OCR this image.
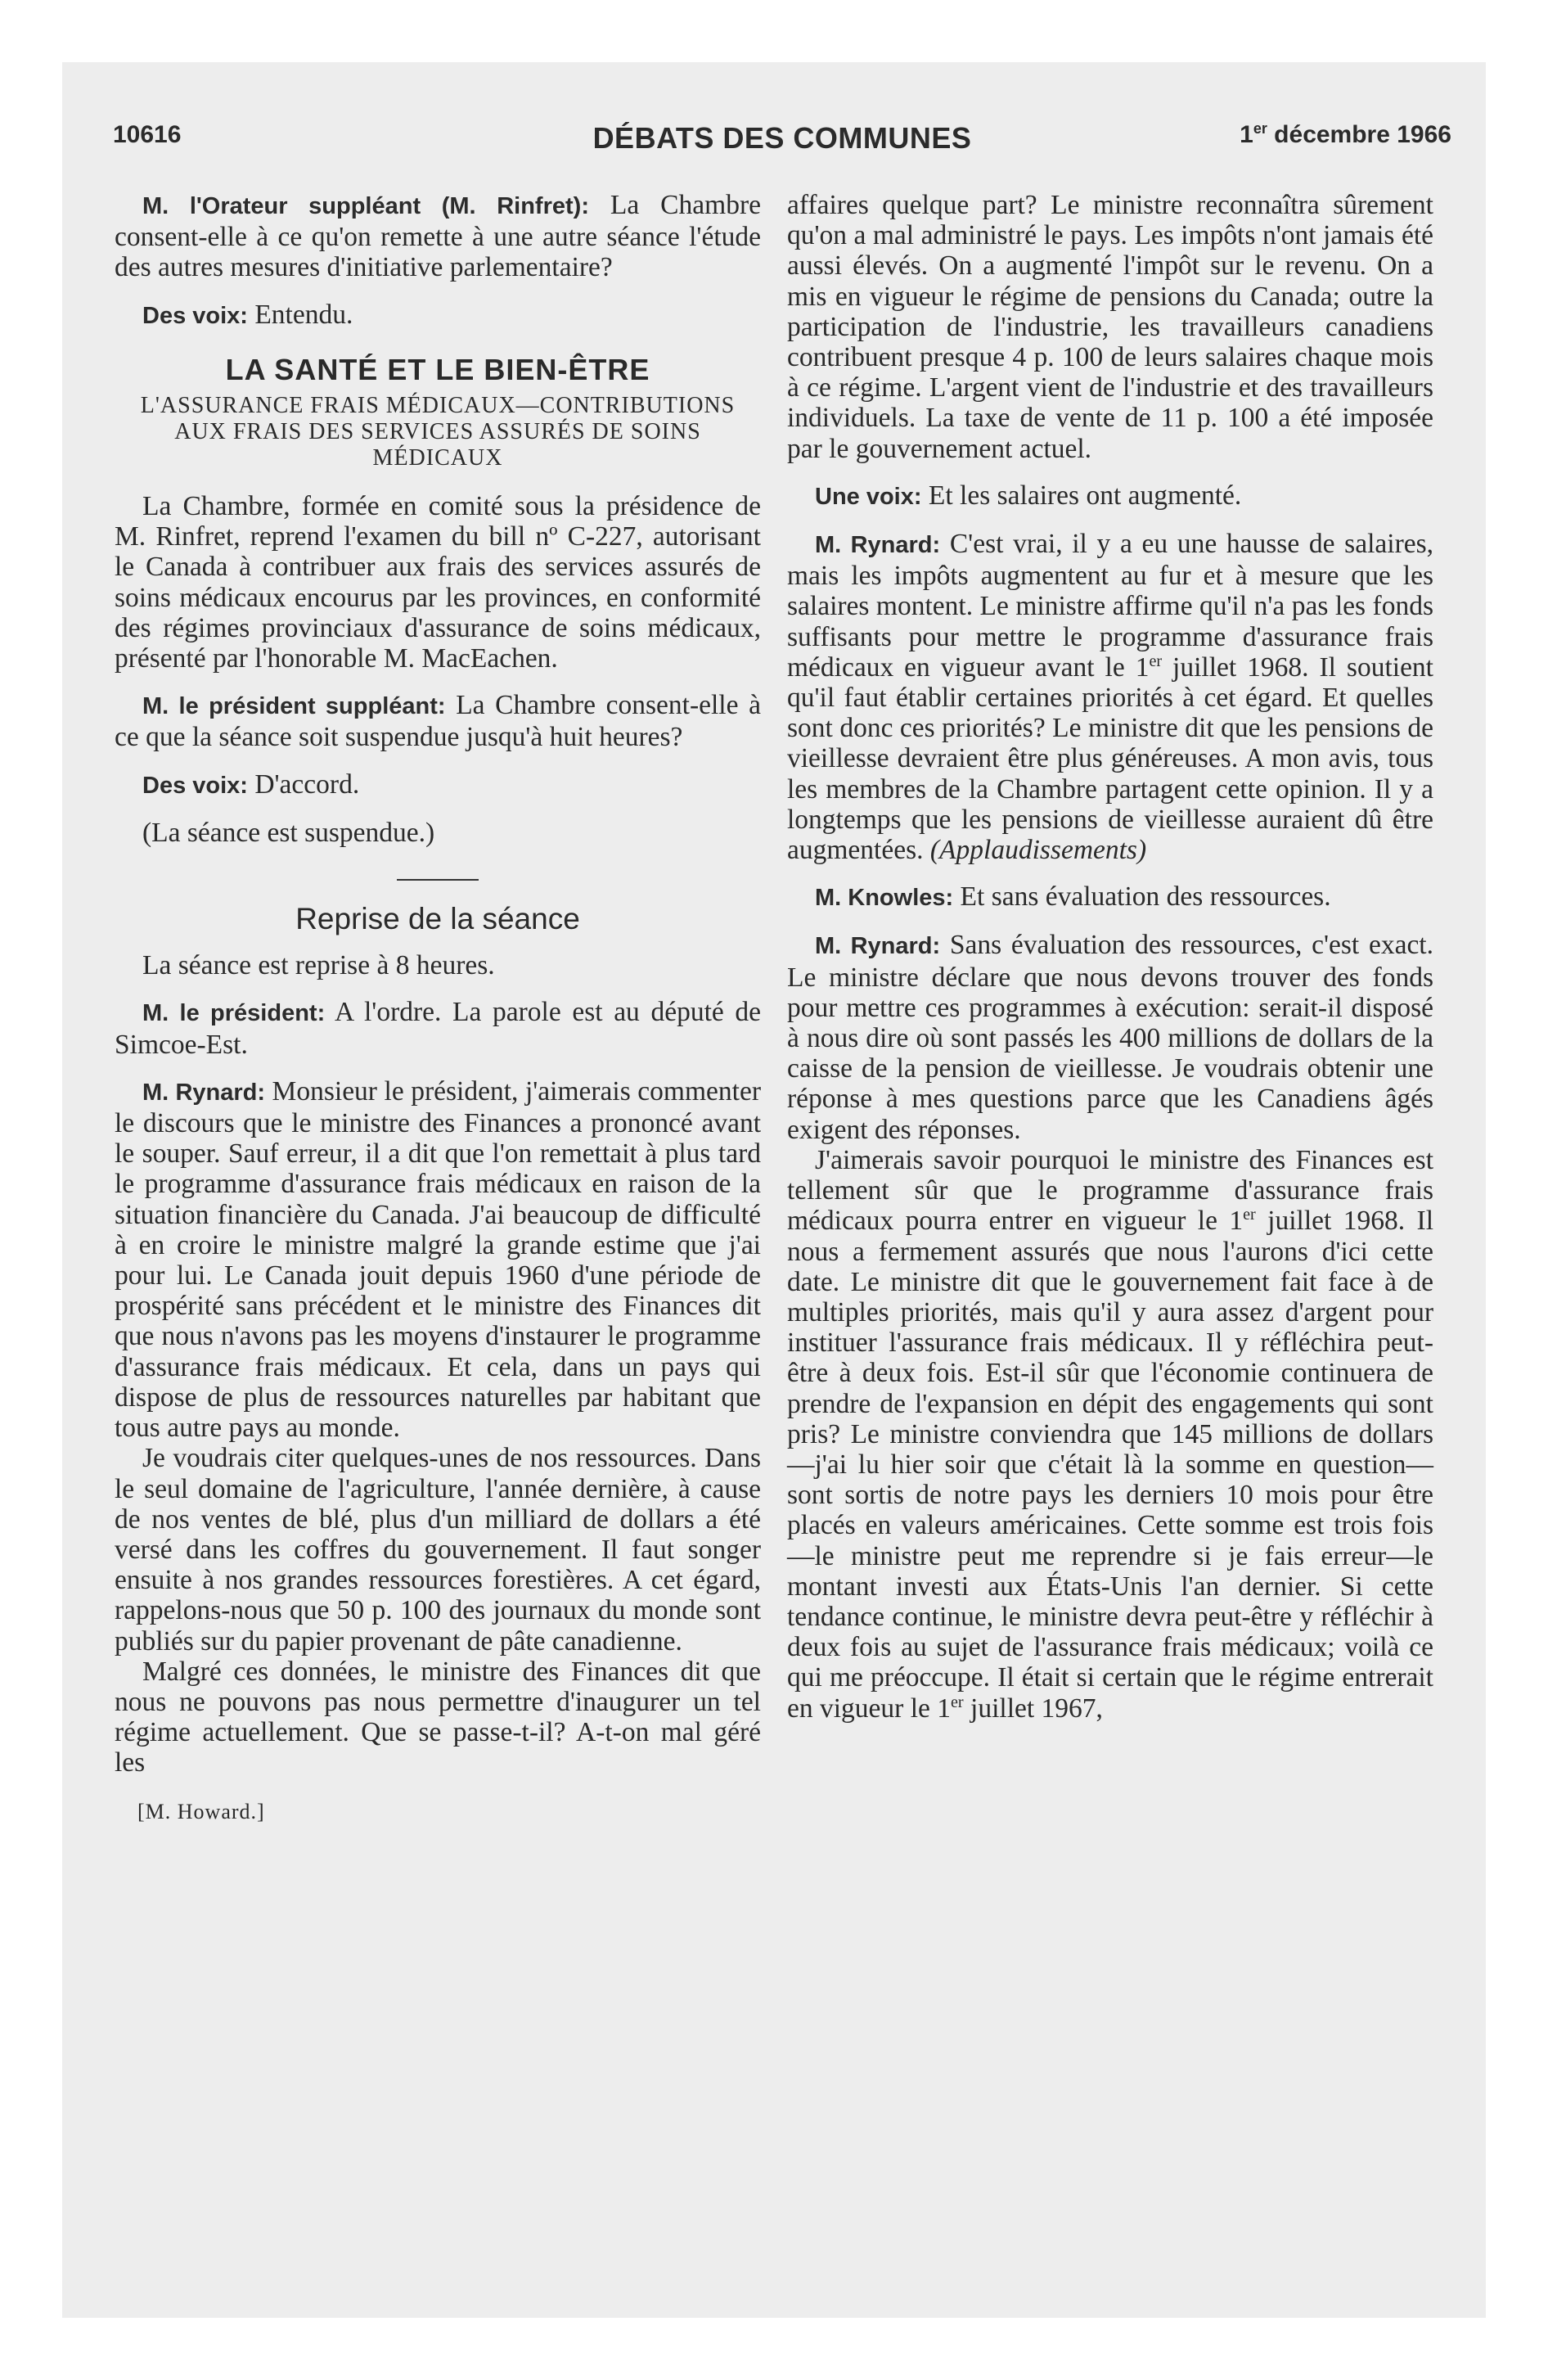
10616	DÉBATS DES COMMUNES	1er décembre 1966

M. l'Orateur suppléant (M. Rinfret): La Chambre consent-elle à ce qu'on remette à une autre séance l'étude des autres mesures d'initiative parlementaire?

Des voix: Entendu.

LA SANTÉ ET LE BIEN-ÊTRE
L'ASSURANCE FRAIS MÉDICAUX—CONTRIBUTIONS AUX FRAIS DES SERVICES ASSURÉS DE SOINS MÉDICAUX

La Chambre, formée en comité sous la présidence de M. Rinfret, reprend l'examen du bill nº C-227, autorisant le Canada à contribuer aux frais des services assurés de soins médicaux encourus par les provinces, en conformité des régimes provinciaux d'assurance de soins médicaux, présenté par l'honorable M. MacEachen.

M. le président suppléant: La Chambre consent-elle à ce que la séance soit suspendue jusqu'à huit heures?

Des voix: D'accord.

(La séance est suspendue.)

Reprise de la séance

La séance est reprise à 8 heures.

M. le président: A l'ordre. La parole est au député de Simcoe-Est.

M. Rynard: Monsieur le président, j'aimerais commenter le discours que le ministre des Finances a prononcé avant le souper. Sauf erreur, il a dit que l'on remettait à plus tard le programme d'assurance frais médicaux en raison de la situation financière du Canada. J'ai beaucoup de difficulté à en croire le ministre malgré la grande estime que j'ai pour lui. Le Canada jouit depuis 1960 d'une période de prospérité sans précédent et le ministre des Finances dit que nous n'avons pas les moyens d'instaurer le programme d'assurance frais médicaux. Et cela, dans un pays qui dispose de plus de ressources naturelles par habitant que tous autre pays au monde.

Je voudrais citer quelques-unes de nos ressources. Dans le seul domaine de l'agriculture, l'année dernière, à cause de nos ventes de blé, plus d'un milliard de dollars a été versé dans les coffres du gouvernement. Il faut songer ensuite à nos grandes ressources forestières. A cet égard, rappelons-nous que 50 p. 100 des journaux du monde sont publiés sur du papier provenant de pâte canadienne.

Malgré ces données, le ministre des Finances dit que nous ne pouvons pas nous permettre d'inaugurer un tel régime actuellement. Que se passe-t-il? A-t-on mal géré les

[M. Howard.]

affaires quelque part? Le ministre reconnaîtra sûrement qu'on a mal administré le pays. Les impôts n'ont jamais été aussi élevés. On a augmenté l'impôt sur le revenu. On a mis en vigueur le régime de pensions du Canada; outre la participation de l'industrie, les travailleurs canadiens contribuent presque 4 p. 100 de leurs salaires chaque mois à ce régime. L'argent vient de l'industrie et des travailleurs individuels. La taxe de vente de 11 p. 100 a été imposée par le gouvernement actuel.

Une voix: Et les salaires ont augmenté.

M. Rynard: C'est vrai, il y a eu une hausse de salaires, mais les impôts augmentent au fur et à mesure que les salaires montent. Le ministre affirme qu'il n'a pas les fonds suffisants pour mettre le programme d'assurance frais médicaux en vigueur avant le 1er juillet 1968. Il soutient qu'il faut établir certaines priorités à cet égard. Et quelles sont donc ces priorités? Le ministre dit que les pensions de vieillesse devraient être plus généreuses. A mon avis, tous les membres de la Chambre partagent cette opinion. Il y a longtemps que les pensions de vieillesse auraient dû être augmentées. (Applaudissements)

M. Knowles: Et sans évaluation des ressources.

M. Rynard: Sans évaluation des ressources, c'est exact. Le ministre déclare que nous devons trouver des fonds pour mettre ces programmes à exécution: serait-il disposé à nous dire où sont passés les 400 millions de dollars de la caisse de la pension de vieillesse. Je voudrais obtenir une réponse à mes questions parce que les Canadiens âgés exigent des réponses.

J'aimerais savoir pourquoi le ministre des Finances est tellement sûr que le programme d'assurance frais médicaux pourra entrer en vigueur le 1er juillet 1968. Il nous a fermement assurés que nous l'aurons d'ici cette date. Le ministre dit que le gouvernement fait face à de multiples priorités, mais qu'il y aura assez d'argent pour instituer l'assurance frais médicaux. Il y réfléchira peut-être à deux fois. Est-il sûr que l'économie continuera de prendre de l'expansion en dépit des engagements qui sont pris? Le ministre conviendra que 145 millions de dollars—j'ai lu hier soir que c'était là la somme en question—sont sortis de notre pays les derniers 10 mois pour être placés en valeurs américaines. Cette somme est trois fois—le ministre peut me reprendre si je fais erreur—le montant investi aux États-Unis l'an dernier. Si cette tendance continue, le ministre devra peut-être y réfléchir à deux fois au sujet de l'assurance frais médicaux; voilà ce qui me préoccupe. Il était si certain que le régime entrerait en vigueur le 1er juillet 1967,
